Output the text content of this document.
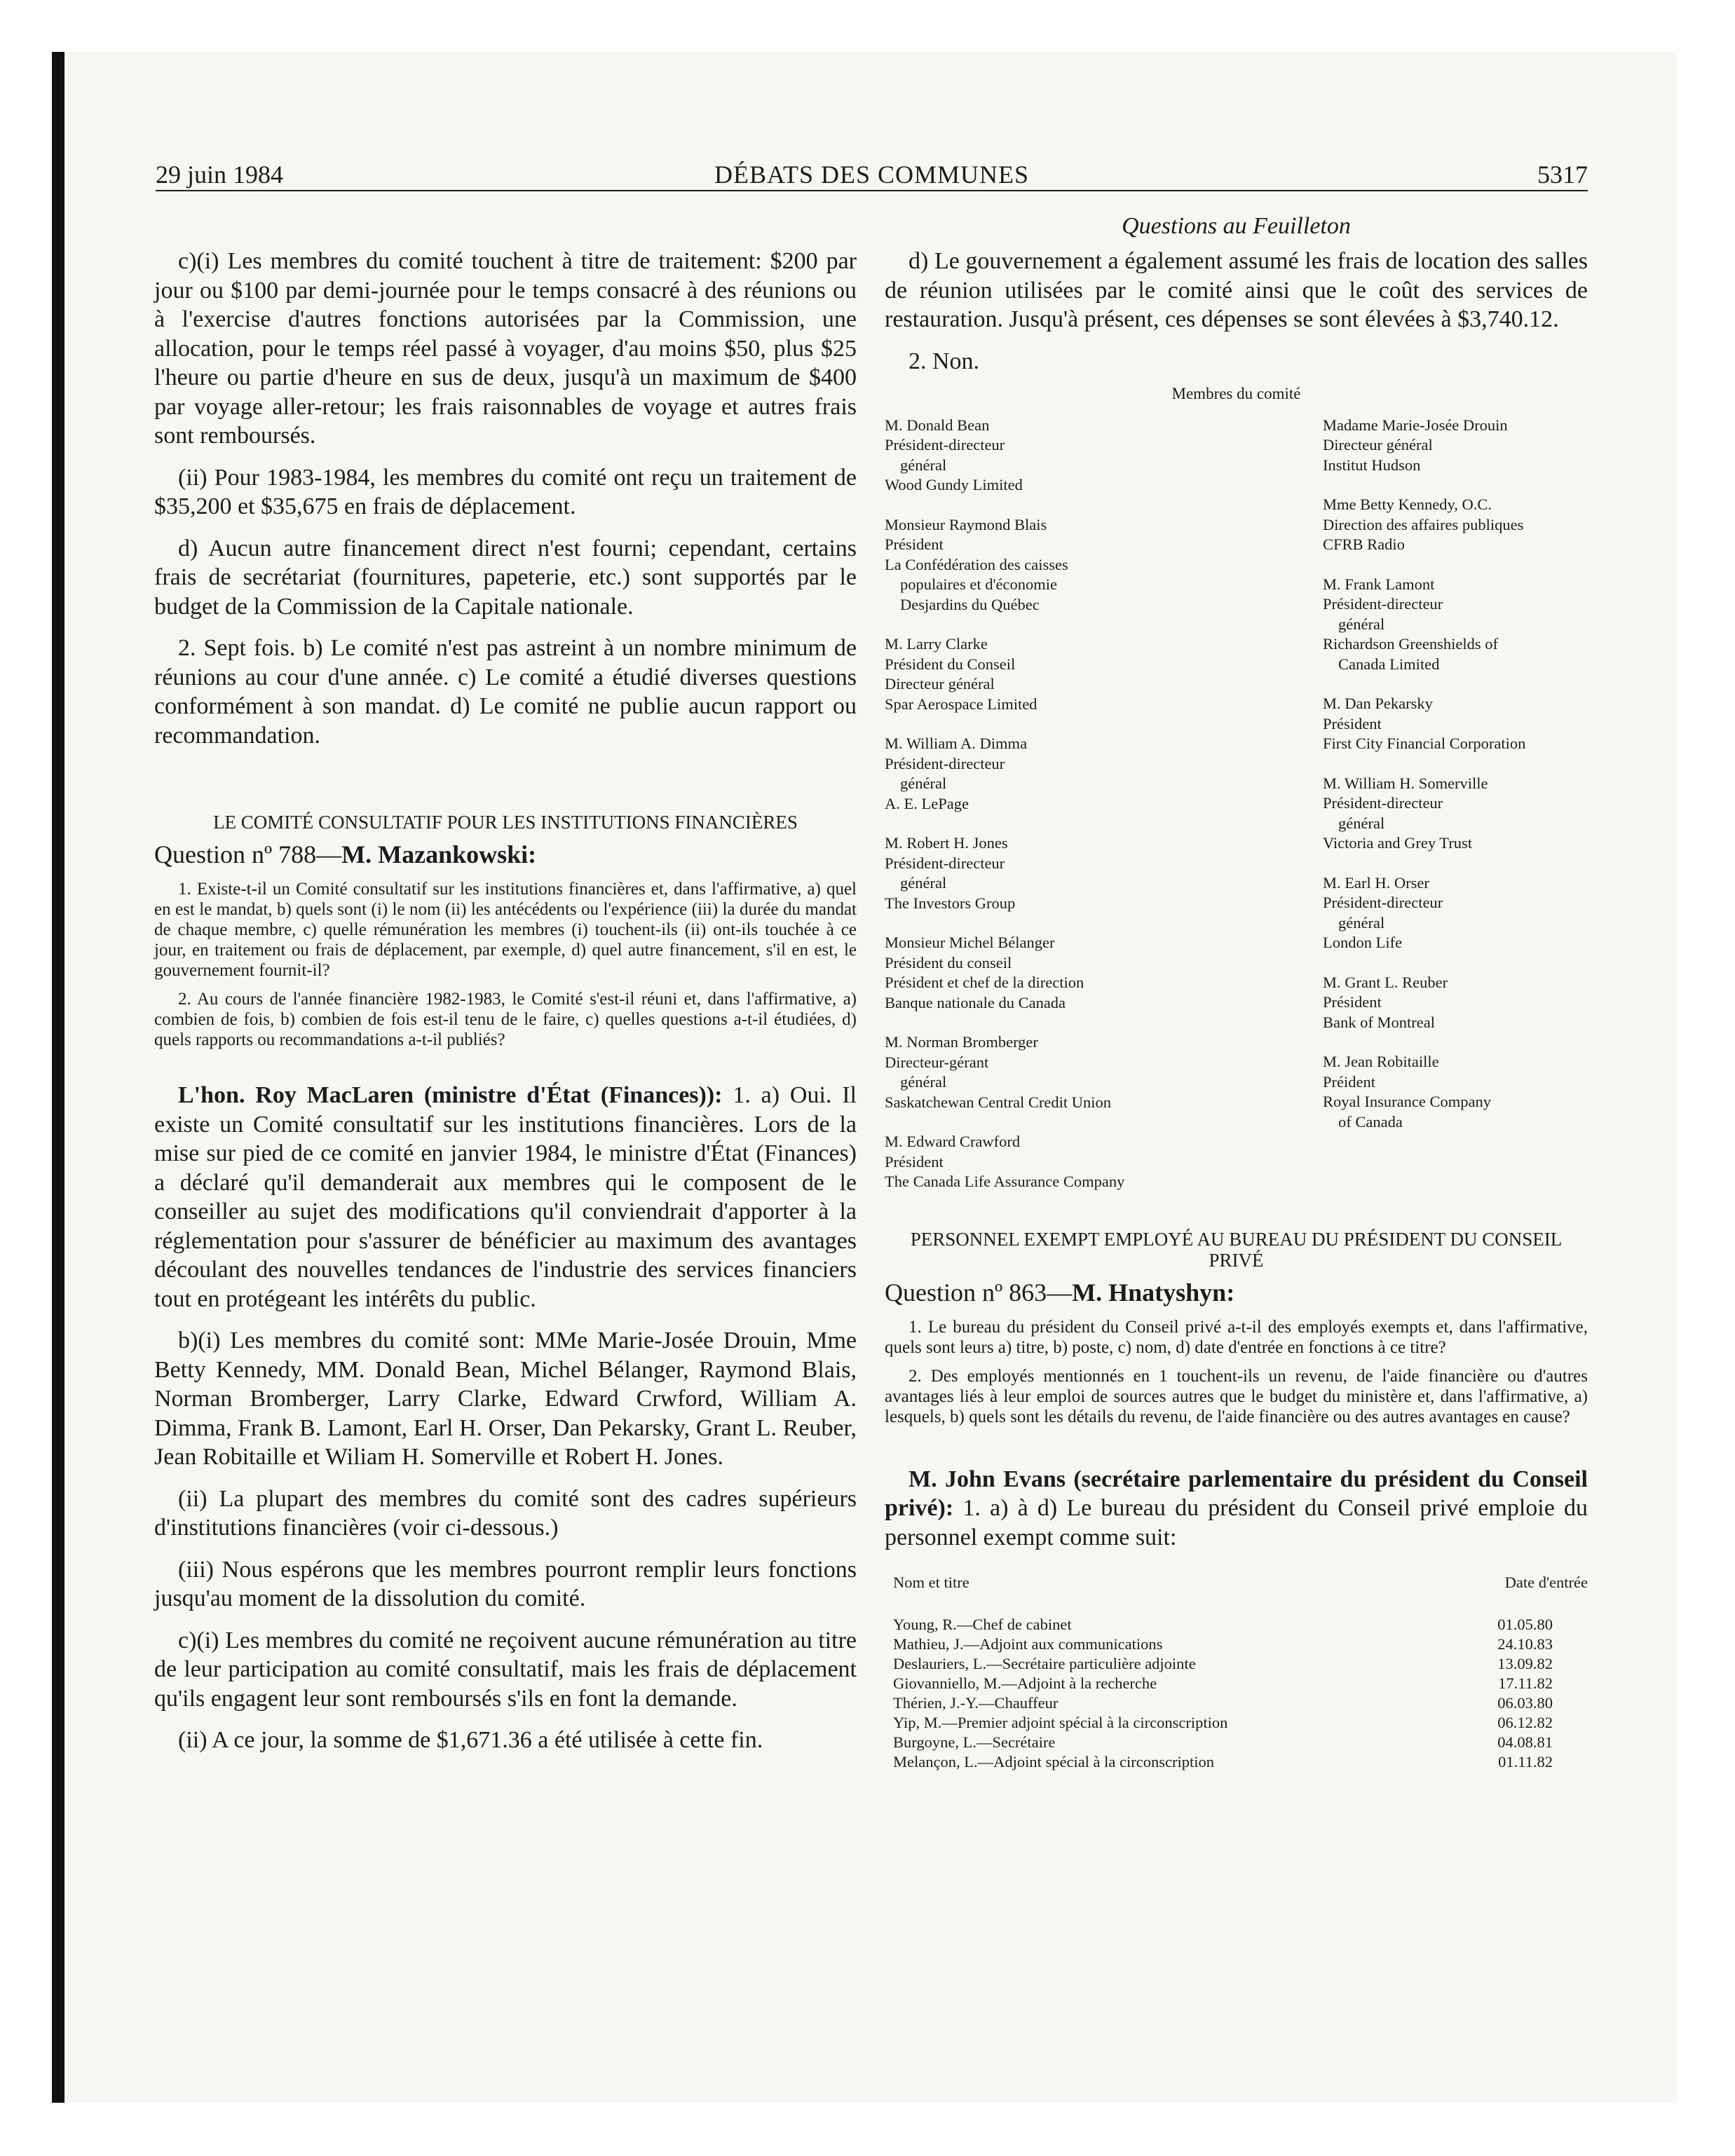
29 juin 1984	DÉBATS DES COMMUNES	5317

c)(i) Les membres du comité touchent à titre de traitement: $200 par jour ou $100 par demi-journée pour le temps consacré à des réunions ou à l'exercise d'autres fonctions autorisées par la Commission, une allocation, pour le temps réel passé à voyager, d'au moins $50, plus $25 l'heure ou partie d'heure en sus de deux, jusqu'à un maximum de $400 par voyage aller-retour; les frais raisonnables de voyage et autres frais sont remboursés.

(ii) Pour 1983-1984, les membres du comité ont reçu un traitement de $35,200 et $35,675 en frais de déplacement.

d) Aucun autre financement direct n'est fourni; cependant, certains frais de secrétariat (fournitures, papeterie, etc.) sont supportés par le budget de la Commission de la Capitale nationale.

2. Sept fois. b) Le comité n'est pas astreint à un nombre minimum de réunions au cour d'une année. c) Le comité a étudié diverses questions conformément à son mandat. d) Le comité ne publie aucun rapport ou recommandation.

LE COMITÉ CONSULTATIF POUR LES INSTITUTIONS FINANCIÈRES

Question nº 788—M. Mazankowski:

1. Existe-t-il un Comité consultatif sur les institutions financières et, dans l'affirmative, a) quel en est le mandat, b) quels sont (i) le nom (ii) les antécédents ou l'expérience (iii) la durée du mandat de chaque membre, c) quelle rémunération les membres (i) touchent-ils (ii) ont-ils touchée à ce jour, en traitement ou frais de déplacement, par exemple, d) quel autre financement, s'il en est, le gouvernement fournit-il?

2. Au cours de l'année financière 1982-1983, le Comité s'est-il réuni et, dans l'affirmative, a) combien de fois, b) combien de fois est-il tenu de le faire, c) quelles questions a-t-il étudiées, d) quels rapports ou recommandations a-t-il publiés?

L'hon. Roy MacLaren (ministre d'État (Finances)): 1. a) Oui. Il existe un Comité consultatif sur les institutions financières. Lors de la mise sur pied de ce comité en janvier 1984, le ministre d'État (Finances) a déclaré qu'il demanderait aux membres qui le composent de le conseiller au sujet des modifications qu'il conviendrait d'apporter à la réglementation pour s'assurer de bénéficier au maximum des avantages découlant des nouvelles tendances de l'industrie des services financiers tout en protégeant les intérêts du public.

b)(i) Les membres du comité sont: MMe Marie-Josée Drouin, Mme Betty Kennedy, MM. Donald Bean, Michel Bélanger, Raymond Blais, Norman Bromberger, Larry Clarke, Edward Crwford, William A. Dimma, Frank B. Lamont, Earl H. Orser, Dan Pekarsky, Grant L. Reuber, Jean Robitaille et Wiliam H. Somerville et Robert H. Jones.

(ii) La plupart des membres du comité sont des cadres supérieurs d'institutions financières (voir ci-dessous.)

(iii) Nous espérons que les membres pourront remplir leurs fonctions jusqu'au moment de la dissolution du comité.

c)(i) Les membres du comité ne reçoivent aucune rémunération au titre de leur participation au comité consultatif, mais les frais de déplacement qu'ils engagent leur sont remboursés s'ils en font la demande.

(ii) A ce jour, la somme de $1,671.36 a été utilisée à cette fin.

Questions au Feuilleton

d) Le gouvernement a également assumé les frais de location des salles de réunion utilisées par le comité ainsi que le coût des services de restauration. Jusqu'à présent, ces dépenses se sont élevées à $3,740.12.

2. Non.
Membres du comité
M. Donald Bean
Président-directeur
général
Wood Gundy Limited
Monsieur Raymond Blais
Président
La Confédération des caisses
populaires et d'économie
Desjardins du Québec
M. Larry Clarke
Président du Conseil
Directeur général
Spar Aerospace Limited
M. William A. Dimma
Président-directeur
général
A. E. LePage
M. Robert H. Jones
Président-directeur
général
The Investors Group
Monsieur Michel Bélanger
Président du conseil
Président et chef de la direction
Banque nationale du Canada
M. Norman Bromberger
Directeur-gérant
général
Saskatchewan Central Credit Union
M. Edward Crawford
Président
The Canada Life Assurance Company
Madame Marie-Josée Drouin
Directeur général
Institut Hudson
Mme Betty Kennedy, O.C.
Direction des affaires publiques
CFRB Radio
M. Frank Lamont
Président-directeur
général
Richardson Greenshields of
Canada Limited
M. Dan Pekarsky
Président
First City Financial Corporation
M. William H. Somerville
Président-directeur
général
Victoria and Grey Trust
M. Earl H. Orser
Président-directeur
général
London Life
M. Grant L. Reuber
Président
Bank of Montreal
M. Jean Robitaille
Préident
Royal Insurance Company
of Canada

PERSONNEL EXEMPT EMPLOYÉ AU BUREAU DU PRÉSIDENT DU CONSEIL PRIVÉ

Question nº 863—M. Hnatyshyn:

1. Le bureau du président du Conseil privé a-t-il des employés exempts et, dans l'affirmative, quels sont leurs a) titre, b) poste, c) nom, d) date d'entrée en fonctions à ce titre?

2. Des employés mentionnés en 1 touchent-ils un revenu, de l'aide financière ou d'autres avantages liés à leur emploi de sources autres que le budget du ministère et, dans l'affirmative, a) lesquels, b) quels sont les détails du revenu, de l'aide financière ou des autres avantages en cause?

M. John Evans (secrétaire parlementaire du président du Conseil privé): 1. a) à d) Le bureau du président du Conseil privé emploie du personnel exempt comme suit:

Nom et titre	Date d'entrée
Young, R.—Chef de cabinet	01.05.80
Mathieu, J.—Adjoint aux communications	24.10.83
Deslauriers, L.—Secrétaire particulière adjointe	13.09.82
Giovanniello, M.—Adjoint à la recherche	17.11.82
Thérien, J.-Y.—Chauffeur	06.03.80
Yip, M.—Premier adjoint spécial à la circonscription	06.12.82
Burgoyne, L.—Secrétaire	04.08.81
Melançon, L.—Adjoint spécial à la circonscription	01.11.82
